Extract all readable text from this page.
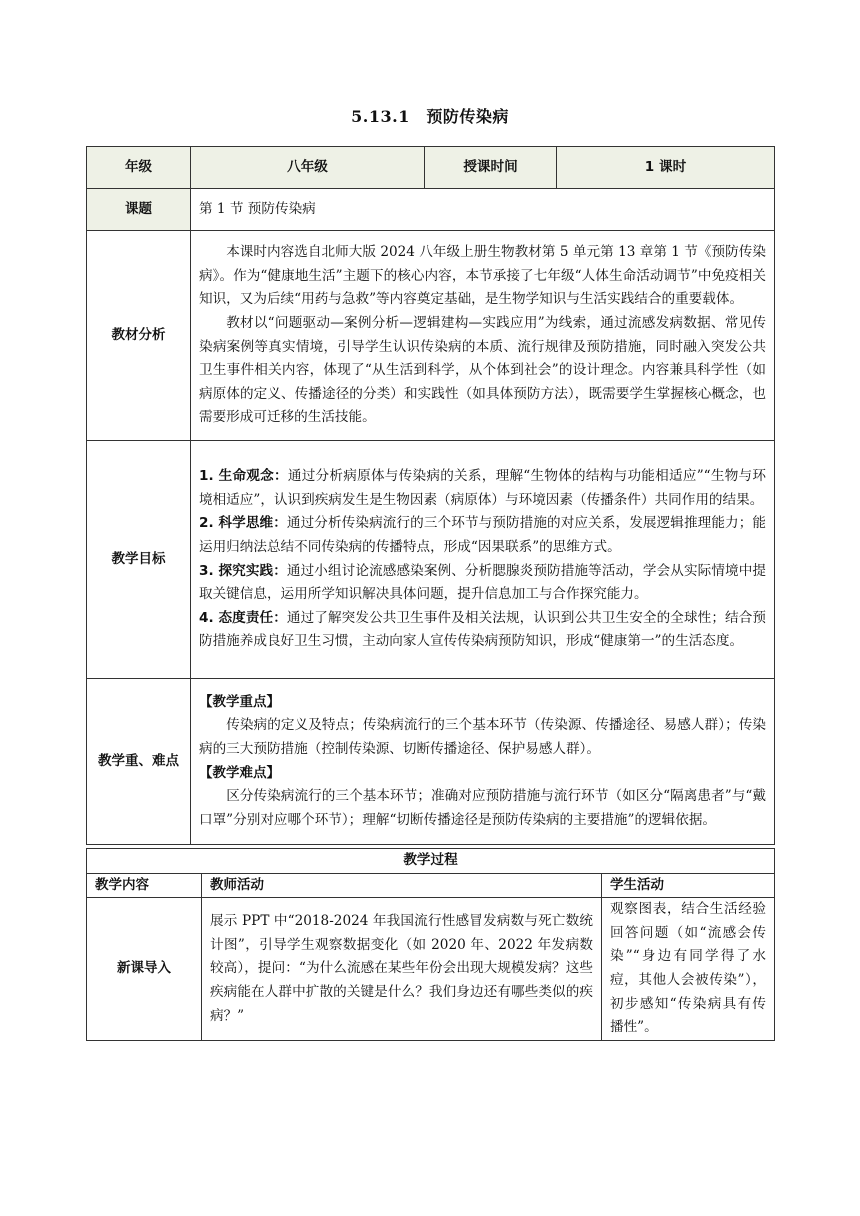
5.13.1　预防传染病
年级	八年级	授课时间	1 课时
课题	第 1 节 预防传染病		
教材分析	本课时内容选自北师大版 2024 八年级上册生物教材第 5 单元第 13 章第 1 节《预防传染病》。作为“健康地生活”主题下的核心内容，本节承接了七年级“人体生命活动调节”中免疫相关知识，又为后续“用药与急救”等内容奠定基础，是生物学知识与生活实践结合的重要载体。

教材以“问题驱动—案例分析—逻辑建构—实践应用”为线索，通过流感发病数据、常见传染病案例等真实情境，引导学生认识传染病的本质、流行规律及预防措施，同时融入突发公共卫生事件相关内容，体现了“从生活到科学，从个体到社会”的设计理念。内容兼具科学性（如病原体的定义、传播途径的分类）和实践性（如具体预防方法），既需要学生掌握核心概念，也需要形成可迁移的生活技能。		

教学目标	1. 生命观念：通过分析病原体与传染病的关系，理解“生物体的结构与功能相适应”“生物与环境相适应”，认识到疾病发生是生物因素（病原体）与环境因素（传播条件）共同作用的结果。

2. 科学思维：通过分析传染病流行的三个环节与预防措施的对应关系，发展逻辑推理能力；能运用归纳法总结不同传染病的传播特点，形成“因果联系”的思维方式。

3. 探究实践：通过小组讨论流感感染案例、分析腮腺炎预防措施等活动，学会从实际情境中提取关键信息，运用所学知识解决具体问题，提升信息加工与合作探究能力。

4. 态度责任：通过了解突发公共卫生事件及相关法规，认识到公共卫生安全的全球性；结合预防措施养成良好卫生习惯，主动向家人宣传传染病预防知识，形成“健康第一”的生活态度。		

教学重、难点	【教学重点】

传染病的定义及特点；传染病流行的三个基本环节（传染源、传播途径、易感人群）；传染病的三大预防措施（控制传染源、切断传播途径、保护易感人群）。

【教学难点】

区分传染病流行的三个基本环节；准确对应预防措施与流行环节（如区分“隔离患者”与“戴口罩”分别对应哪个环节）；理解“切断传播途径是预防传染病的主要措施”的逻辑依据。		

教学过程		
教学内容	教师活动	学生活动
新课导入	展示 PPT 中“2018-2024 年我国流行性感冒发病数与死亡数统计图”，引导学生观察数据变化（如 2020 年、2022 年发病数较高），提问：“为什么流感在某些年份会出现大规模发病？这些疾病能在人群中扩散的关键是什么？我们身边还有哪些类似的疾病？”	观察图表，结合生活经验回答问题（如“流感会传染”“身边有同学得了水痘，其他人会被传染”），初步感知“传染病具有传播性”。
